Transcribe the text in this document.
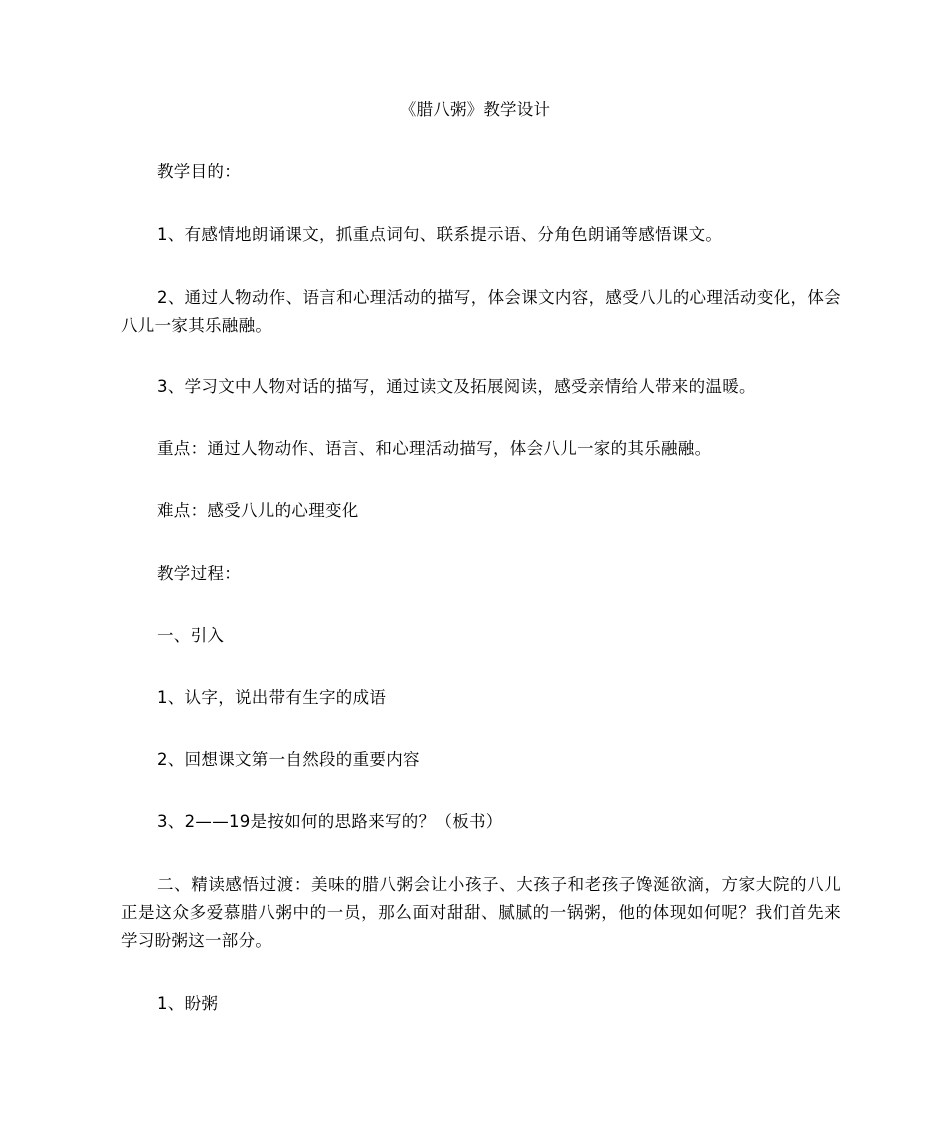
《腊八粥》教学设计
教学目的：
1、有感情地朗诵课文，抓重点词句、联系提示语、分角色朗诵等感悟课文。
2、通过人物动作、语言和心理活动的描写，体会课文内容，感受八儿的心理活动变化，体会八儿一家其乐融融。
3、学习文中人物对话的描写，通过读文及拓展阅读，感受亲情给人带来的温暖。
重点：通过人物动作、语言、和心理活动描写，体会八儿一家的其乐融融。
难点：感受八儿的心理变化
教学过程：
一、引入
1、认字，说出带有生字的成语
2、回想课文第一自然段的重要内容
3、2——19是按如何的思路来写的？（板书）
二、精读感悟过渡：美味的腊八粥会让小孩子、大孩子和老孩子馋涎欲滴，方家大院的八儿正是这众多爱慕腊八粥中的一员，那么面对甜甜、腻腻的一锅粥，他的体现如何呢？我们首先来学习盼粥这一部分。
1、盼粥
